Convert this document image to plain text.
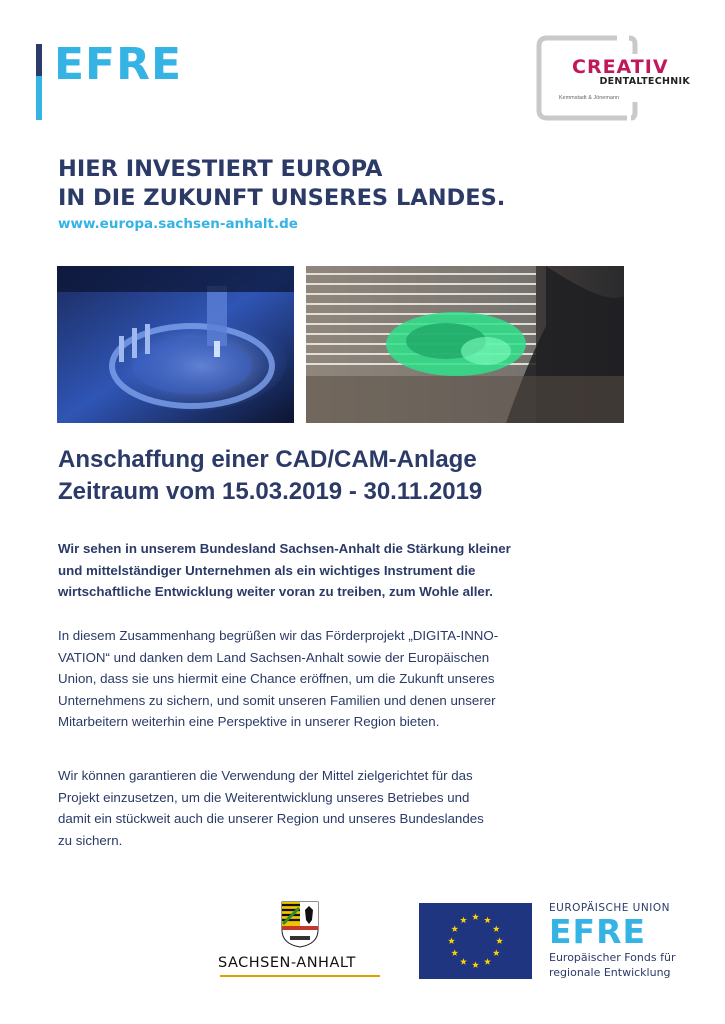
EFRE	CREATIV
DENTALTECHNIK
Kemmstadt & Jönemann
HIER INVESTIERT EUROPA
IN DIE ZUKUNFT UNSERES LANDES.
www.europa.sachsen-anhalt.de
Anschaffung einer CAD/CAM-Anlage
Zeitraum vom 15.03.2019 - 30.11.2019
Wir sehen in unserem Bundesland Sachsen-Anhalt die Stärkung kleiner
und mittelständiger Unternehmen als ein wichtiges Instrument die
wirtschaftliche Entwicklung weiter voran zu treiben, zum Wohle aller.
In diesem Zusammenhang begrüßen wir das Förderprojekt „DIGITA-INNO-
VATION“ und danken dem Land Sachsen-Anhalt sowie der Europäischen
Union, dass sie uns hiermit eine Chance eröffnen, um die Zukunft unseres
Unternehmens zu sichern, und somit unseren Familien und denen unserer
Mitarbeitern weiterhin eine Perspektive in unserer Region bieten.
Wir können garantieren die Verwendung der Mittel zielgerichtet für das
Projekt einzusetzen, um die Weiterentwicklung unseres Betriebes und
damit ein stückweit auch die unserer Region und unseres Bundeslandes
zu sichern.
SACHSEN-ANHALT
EUROPÄISCHE UNION
EFRE
Europäischer Fonds für
regionale Entwicklung
